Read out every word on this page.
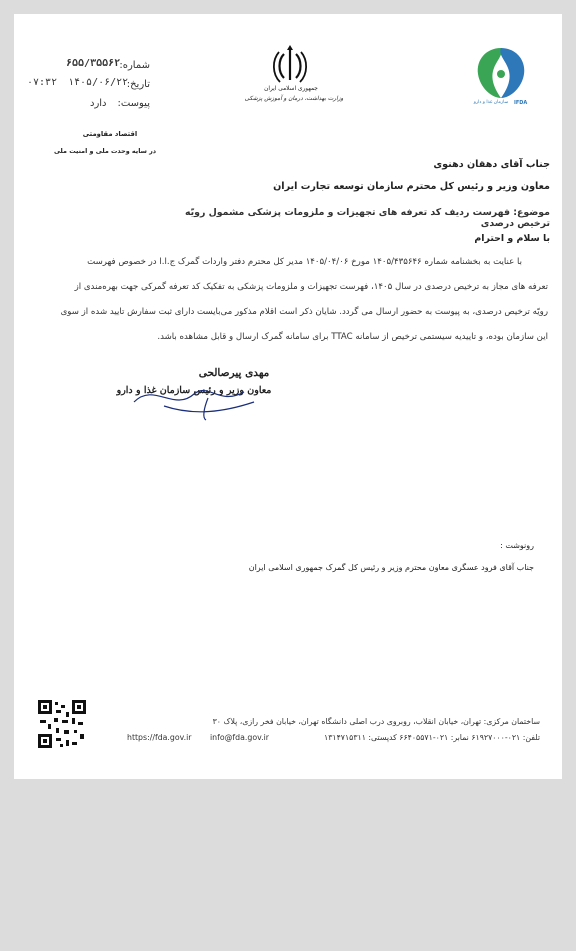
سازمان غذا و دارو	IFDA
جمهوری اسلامی ایران
وزارت بهداشت، درمان و آموزش پزشکی
شماره:
۶۵۵/۳۵۵۶۲
تاریخ:
۱۴۰۵/۰۶/۲۲
۰۷:۳۲
پیوست:
دارد
اقتصاد مقاومتی
در سایه وحدت ملی و امنیت ملی
جناب آقای دهقان دهنوی
معاون وزیر و رئیس کل محترم سازمان توسعه تجارت ایران
موضوع: فهرست ردیف کد تعرفه های تجهیزات و ملزومات پزشکی مشمول رویّه ترخیص درصدی
با سلام و احترام
با عنایت به بخشنامه شماره ۱۴۰۵/۴۳۵۶۴۶ مورخ ۱۴۰۵/۰۴/۰۶ مدیر کل محترم دفتر واردات گمرک ج.ا.ا در خصوص فهرست
تعرفه های مجاز به ترخیص درصدی در سال ۱۴۰۵، فهرست تجهیزات و ملزومات پزشکی به تفکیک کد تعرفه گمرکی جهت بهره‌مندی از
رویّه ترخیص درصدی، به پیوست به حضور ارسال می گردد. شایان ذکر است اقلام مذکور می‌بایست دارای ثبت سفارش تایید شده از سوی
این سازمان بوده، و تاییدیه سیستمی ترخیص از سامانه TTAC برای سامانه گمرک ارسال و قابل مشاهده باشد.
مهدی پیرصالحی
معاون وزیر و رئیس سازمان غذا و دارو
رونوشت :
جناب آقای فرود عسگری معاون محترم وزیر و رئیس کل گمرک جمهوری اسلامی ایران
ساختمان مرکزی: تهران، خیابان انقلاب، روبروی درب اصلی دانشگاه تهران، خیابان فخر رازی، پلاک ۳۰
تلفن: ۰۲۱-۶۱۹۲۷۰۰۰ نمابر: ۰۲۱-۶۶۴۰۵۵۷۱ کدپستی: ۱۳۱۴۷۱۵۳۱۱
info@fda.gov.ir
https://fda.gov.ir
